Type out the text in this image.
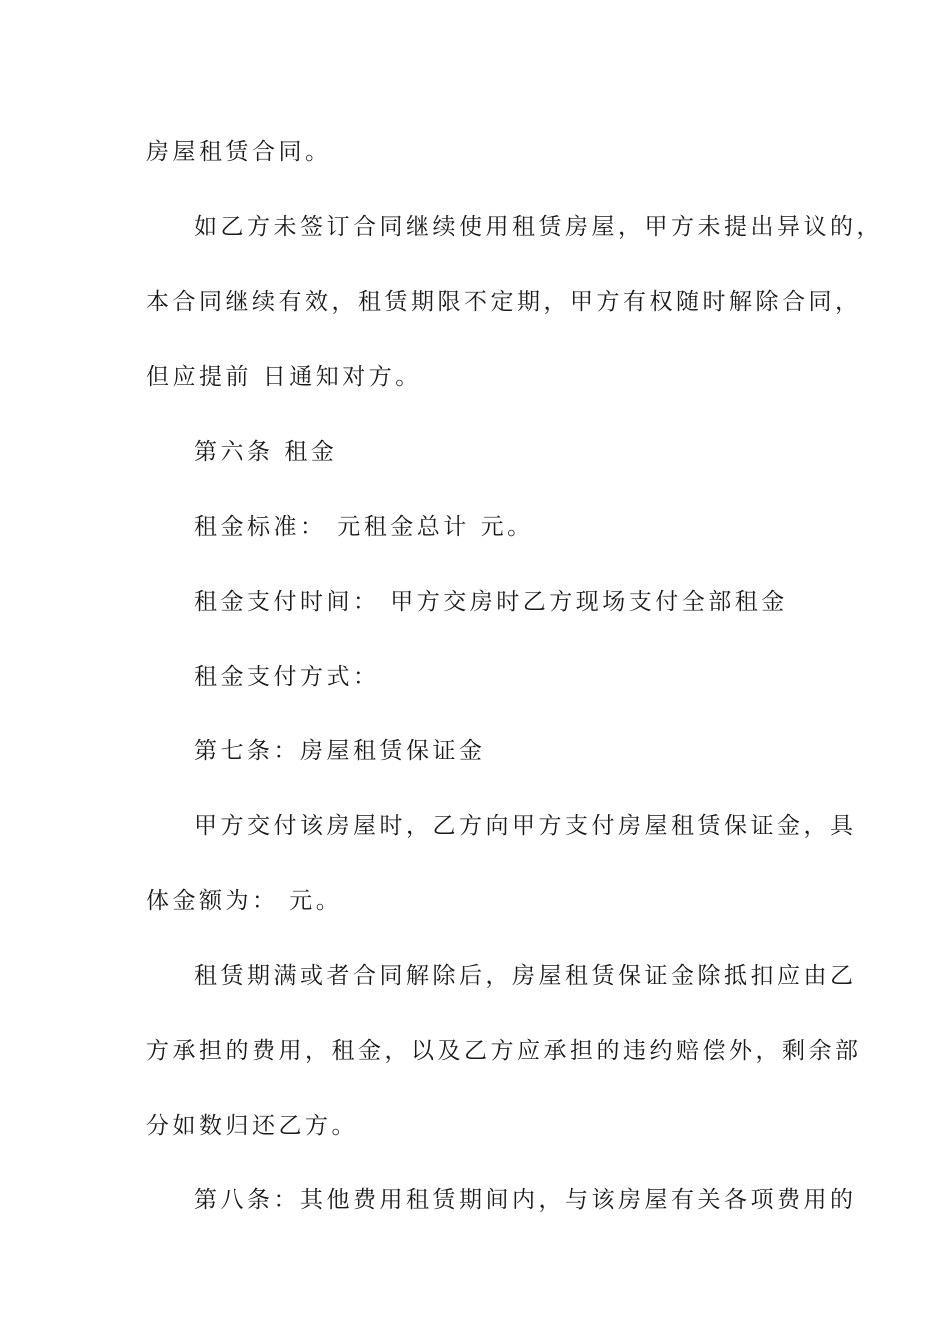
房屋租赁合同。
如乙方未签订合同继续使用租赁房屋，甲方未提出异议的，
本合同继续有效，租赁期限不定期，甲方有权随时解除合同，
但应提前 日通知对方。
第六条 租金
租金标准： 元租金总计 元。
租金支付时间： 甲方交房时乙方现场支付全部租金
租金支付方式：
第七条：房屋租赁保证金
甲方交付该房屋时，乙方向甲方支付房屋租赁保证金，具
体金额为： 元。
租赁期满或者合同解除后，房屋租赁保证金除抵扣应由乙
方承担的费用，租金，以及乙方应承担的违约赔偿外，剩余部
分如数归还乙方。
第八条：其他费用租赁期间内，与该房屋有关各项费用的
